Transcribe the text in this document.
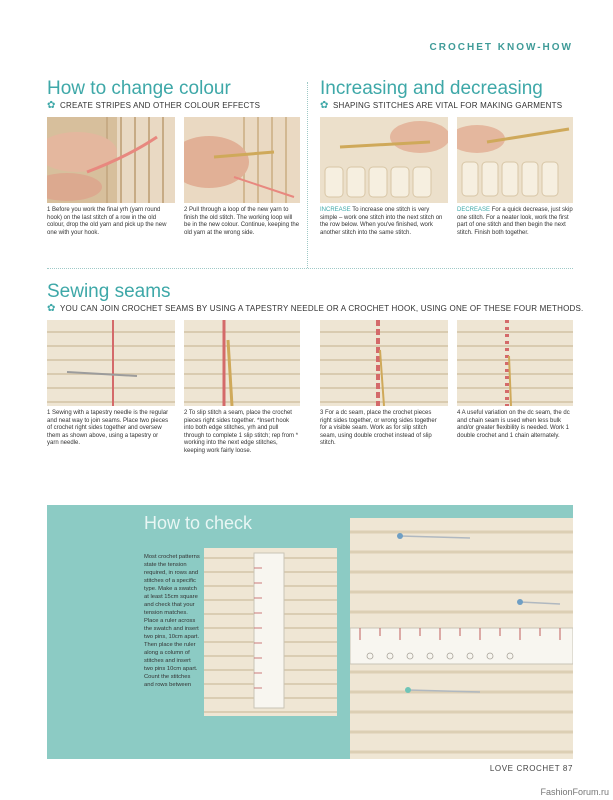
CROCHET KNOW-HOW
How to change colour
✿ CREATE STRIPES AND OTHER COLOUR EFFECTS
1 Before you work the final yrh (yarn round hook) on the last stitch of a row in the old colour, drop the old yarn and pick up the new one with your hook.
2 Pull through a loop of the new yarn to finish the old stitch. The working loop will be in the new colour. Continue, keeping the old yarn at the wrong side.
Increasing and decreasing
✿ SHAPING STITCHES ARE VITAL FOR MAKING GARMENTS
INCREASE To increase one stitch is very simple – work one stitch into the next stitch on the row below. When you've finished, work another stitch into the same stitch.
DECREASE For a quick decrease, just skip one stitch. For a neater look, work the first part of one stitch and then begin the next stitch. Finish both together.
Sewing seams
✿ YOU CAN JOIN CROCHET SEAMS BY USING A TAPESTRY NEEDLE OR A CROCHET HOOK, USING ONE OF THESE FOUR METHODS.
1 Sewing with a tapestry needle is the regular and neat way to join seams. Place two pieces of crochet right sides together and oversew them as shown above, using a tapestry or yarn needle.
2 To slip stitch a seam, place the crochet pieces right sides together. *Insert hook into both edge stitches, yrh and pull through to complete 1 slip stitch; rep from * working into the next edge stitches, keeping work fairly loose.
3 For a dc seam, place the crochet pieces right sides together, or wrong sides together for a visible seam. Work as for slip stitch seam, using double crochet instead of slip stitch.
4 A useful variation on the dc seam, the dc and chain seam is used when less bulk and/or greater flexibility is needed. Work 1 double crochet and 1 chain alternately.
How to check
Most crochet patterns state the tension required, in rows and stitches of a specific type. Make a swatch at least 15cm square and check that your tension matches. Place a ruler across the swatch and insert two pins, 10cm apart. Then place the ruler along a column of stitches and insert two pins 10cm apart. Count the stitches and rows between
LOVE CROCHET 87
FashionForum.ru
